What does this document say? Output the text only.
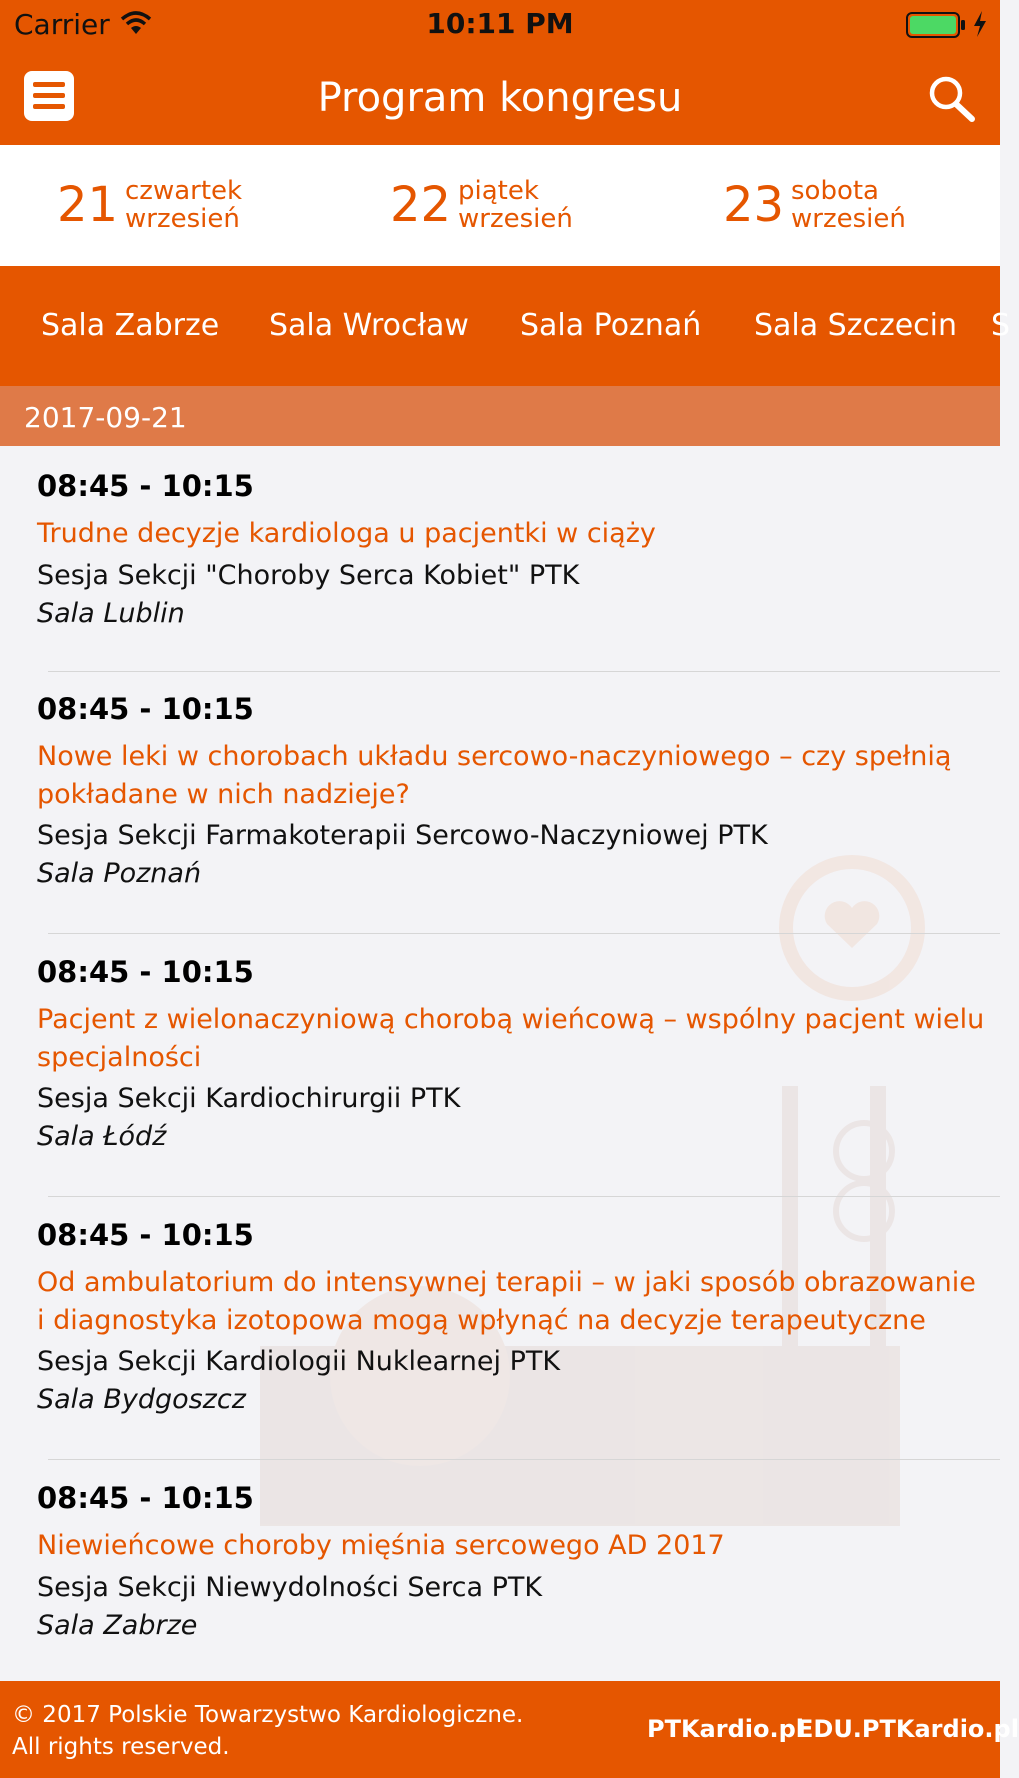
Carrier	10:11 PM
Program kongresu
21 czwartek
wrzesień	22 piątek
wrzesień	23 sobota
wrzesień
Sala Zabrze Sala Wrocław Sala Poznań Sala Szczecin S
2017-09-21
08:45 - 10:15
Trudne decyzje kardiologa u pacjentki w ciąży
Sesja Sekcji "Choroby Serca Kobiet" PTK
Sala Lublin
08:45 - 10:15
Nowe leki w chorobach układu sercowo-naczyniowego – czy spełnią pokładane w nich nadzieje?
Sesja Sekcji Farmakoterapii Sercowo-Naczyniowej PTK
Sala Poznań
08:45 - 10:15
Pacjent z wielonaczyniową chorobą wieńcową – wspólny pacjent wielu specjalności
Sesja Sekcji Kardiochirurgii PTK
Sala Łódź
08:45 - 10:15
Od ambulatorium do intensywnej terapii – w jaki sposób obrazowanie i diagnostyka izotopowa mogą wpłynąć na decyzje terapeutyczne
Sesja Sekcji Kardiologii Nuklearnej PTK
Sala Bydgoszcz
08:45 - 10:15
Niewieńcowe choroby mięśnia sercowego AD 2017
Sesja Sekcji Niewydolności Serca PTK
Sala Zabrze
© 2017 Polskie Towarzystwo Kardiologiczne.
All rights reserved.
PTKardio.pl
EDU.PTKardio.pl
